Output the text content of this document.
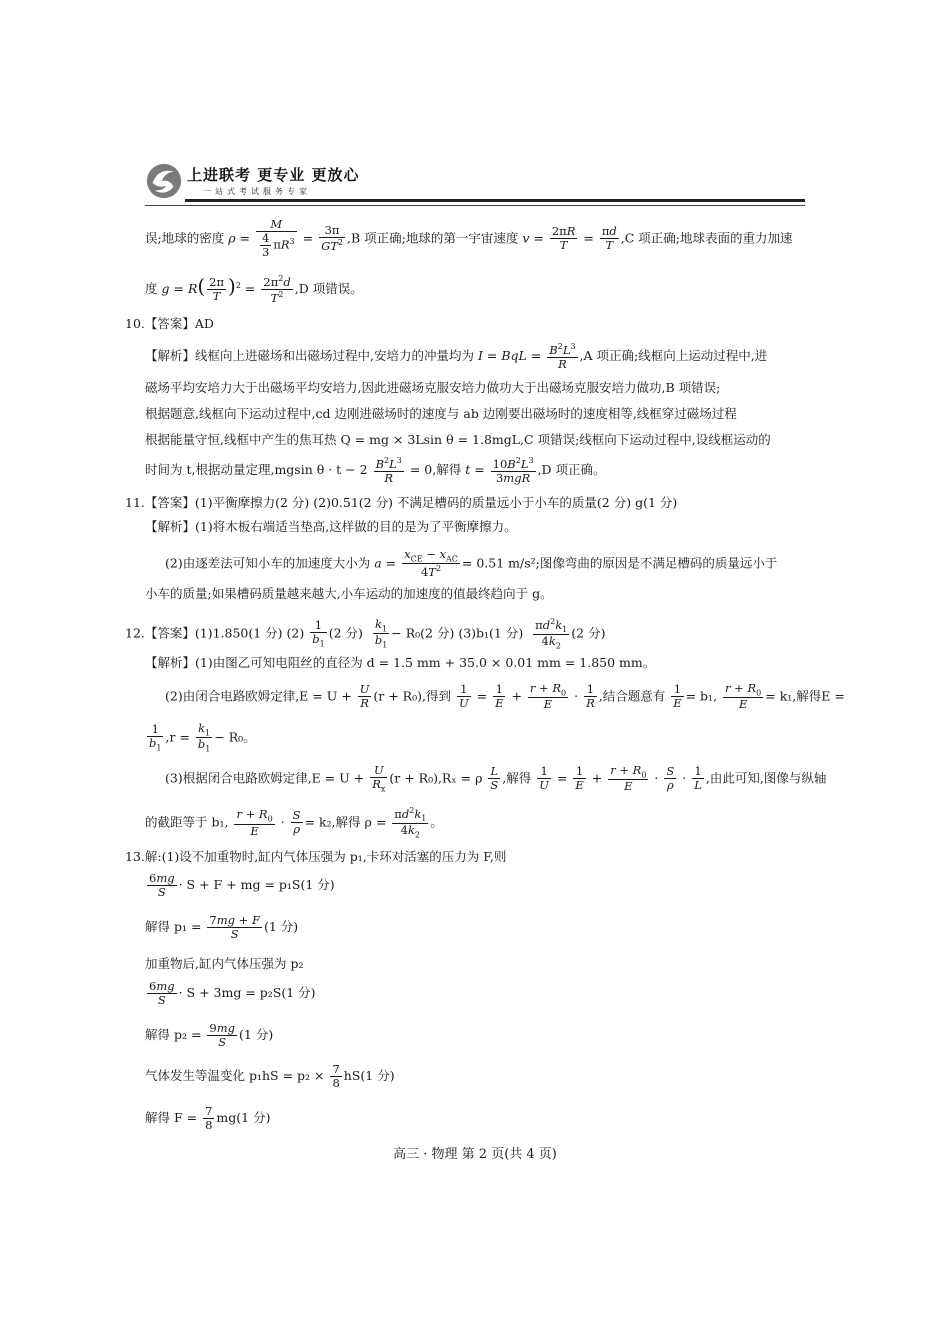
上进联考 更专业 更放心
一站式考试服务专家
误;地球的密度 $\rho = \frac{M}{\frac{4}{3} \pi R^3} = \frac{3\pi}{GT^2} ,B$ 项正确;地球的第一宇宙速度 $v = \frac{2\pi R}{T} = \frac{\pi d}{T} ,C$ 项正确;地球表面的重力加速
度 $g = R( \frac{2\pi}{T} )^2 = \frac{2\pi^2d}{T^2} ,D$ 项错误。
10.【答案】AD
【解析】线框向上进磁场和出磁场过程中,安培力的冲量均为 I = BqL = $\frac{B^2L^3}{R} ,A$ 项正确;线框向上运动过程中,进
磁场平均安培力大于出磁场平均安培力,因此进磁场克服安培力做功大于出磁场克服安培力做功,B 项错误;
根据题意,线框向下运动过程中,cd 边刚进磁场时的速度与 ab 边刚要出磁场时的速度相等,线框穿过磁场过程
根据能量守恒,线框中产生的焦耳热 Q = mg × 3Lsin θ = 1.8mgL,C 项错误;线框向下运动过程中,设线框运动的
时间为 t,根据动量定理,mgsin $\theta \cdot t - 2 \frac{B^2L^3}{R} = 0$,解得 $t = \frac{10B^2L^3}{\text{3mgR}} ,D$ 项正确。
11.【答案】(1)平衡摩擦力(2 分) (2)0.51(2 分) 不满足槽码的质量远小于小车的质量(2 分) g(1 分)
【解析】(1)将木板右端适当垫高,这样做的目的是为了平衡摩擦力。
(2)由逐差法可知小车的加速度大小为 $a = \frac{x_{CE} - x_{AC}}{4T^2} = 0.51$ m/s²;图像弯曲的原因是不满足槽码的质量远小于
小车的质量;如果槽码质量越来越大,小车运动的加速度的值最终趋向于 g。
12.【答案】(1)1.850(1 分) $(2) \frac{1}{b_1} (2$ 分) $\frac{k_1}{b_1} - R_0(2$ 分) (3)b₁(1 分) $\frac{\pi d^2k_1}{4k_2} (2$ 分)
【解析】(1)由图乙可知电阻丝的直径为 d = 1.5 mm + 35.0 × 0.01 mm = 1.850 mm。
(2)由闭合电路欧姆定律$,E = U + \frac{U}{R} (r + R_0)$,得到 $\frac{1}{U} = \frac{1}{E} + \frac{r + R_0}{E} \cdot \frac{1}{R}$ ,结合题意有 $\frac{1}{E} = b_1$, $\frac{r + R_0}{E} = k_1$,解得E =
$\frac{1}{b_1} ,r = \frac{k_1}{b_1} - R_0$。
(3)根据闭合电路欧姆定律$,E = U + \frac{U}{R_x} (r + R_0),R_x = \rho \frac{L}{S}$ ,解得 $\frac{1}{U} = \frac{1}{E} + \frac{r + R_0}{E} \cdot \frac{S}{\rho} \cdot \frac{1}{L}$ ,由此可知,图像与纵轴
的截距等于 b₁, $\frac{r + R_0}{E} \cdot \frac{S}{\rho} = k_2$,解得 $\rho = \frac{\pi d^2k_1}{4k_2}$ 。
13.解:(1)设不加重物时,缸内气体压强为 p₁,卡环对活塞的压力为 F,则
$\frac{6mg}{S} \cdot S + F$ + mg = p₁S(1 分)
解得 $p_1 = \frac{7mg + F}{S} (1$ 分)
加重物后,缸内气体压强为 p₂
$\frac{6mg}{S} \cdot S + 3mg = p_2S(1$ 分)
解得 $p_2 = \frac{9mg}{S} (1$ 分)
气体发生等温变化 $p_1hS = p_2 \times \frac{7}{8} hS(1$ 分)
解得 $F = \frac{7}{8} mg(1$ 分)
高三 · 物理 第 2 页(共 4 页)
